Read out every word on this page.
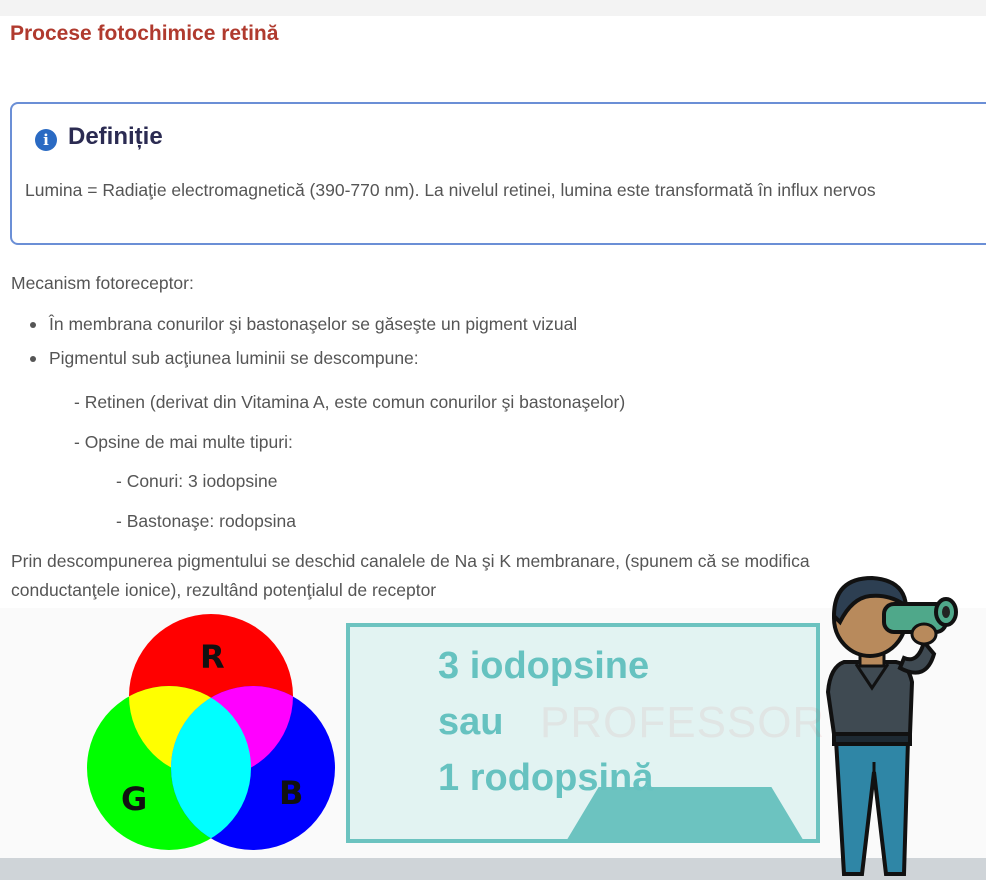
Procese fotochimice retină
i Definiție
Lumina = Radiaţie electromagnetică (390-770 nm). La nivelul retinei, lumina este transformată în influx nervos
Mecanism fotoreceptor:
În membrana conurilor şi bastonaşelor se găseşte un pigment vizual
Pigmentul sub acţiunea luminii se descompune:
- Retinen (derivat din Vitamina A, este comun conurilor şi bastonaşelor)
- Opsine de mai multe tipuri:
- Conuri: 3 iodopsine
- Bastonaşe: rodopsina
Prin descompunerea pigmentului se deschid canalele de Na şi K membranare, (spunem că se modifica
conductanţele ionice), rezultând potenţialul de receptor
R
G	B
PROFESSOR
3 iodopsine
sau
1 rodopsină
